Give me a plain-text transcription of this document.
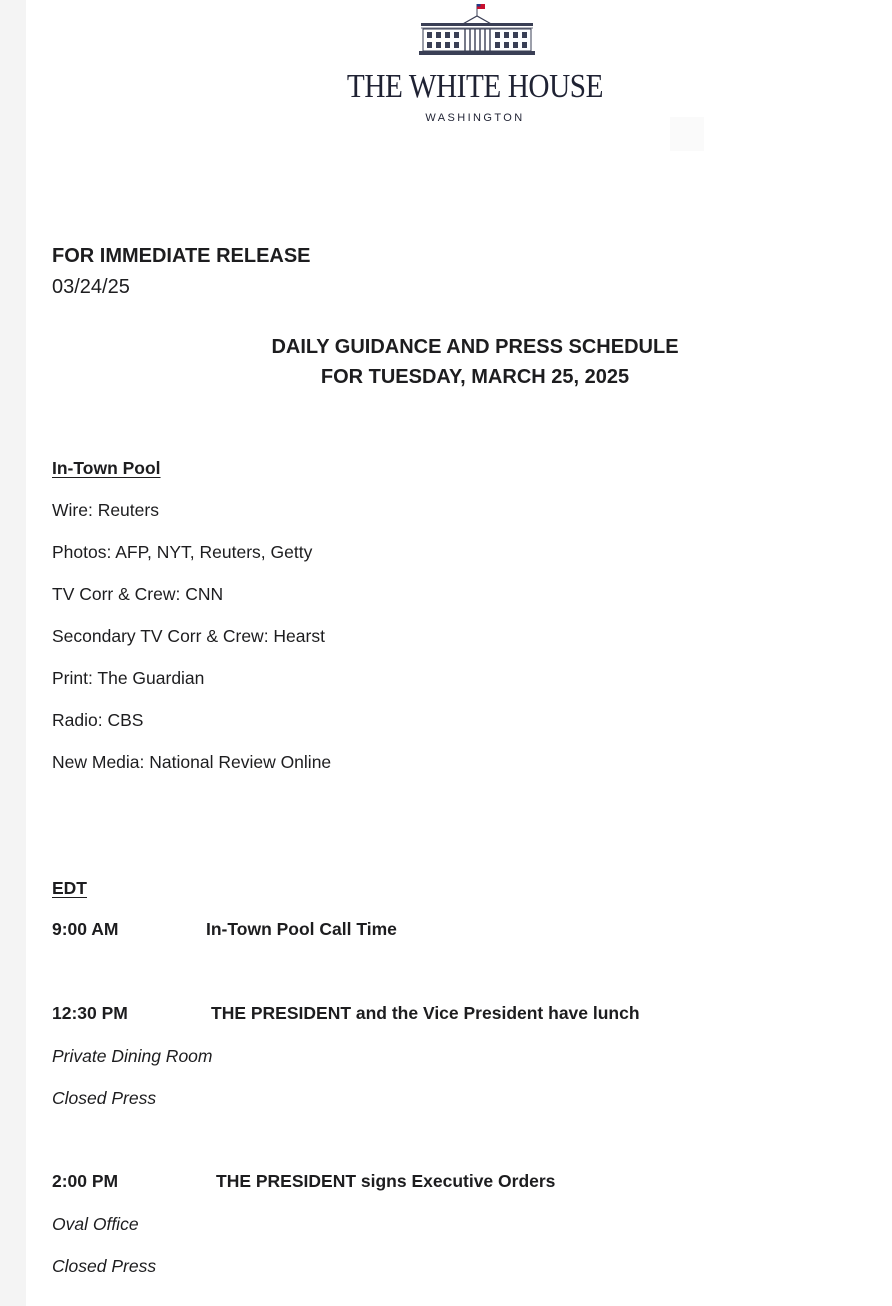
THE WHITE HOUSE
WASHINGTON
FOR IMMEDIATE RELEASE
03/24/25
DAILY GUIDANCE AND PRESS SCHEDULE
FOR TUESDAY, MARCH 25, 2025
In-Town Pool
Wire: Reuters
Photos: AFP, NYT, Reuters, Getty
TV Corr & Crew: CNN
Secondary TV Corr & Crew: Hearst
Print: The Guardian
Radio: CBS
New Media: National Review Online
EDT
9:00 AM	In-Town Pool Call Time
12:30 PM	THE PRESIDENT and the Vice President have lunch
Private Dining Room
Closed Press
2:00 PM	THE PRESIDENT signs Executive Orders
Oval Office
Closed Press
